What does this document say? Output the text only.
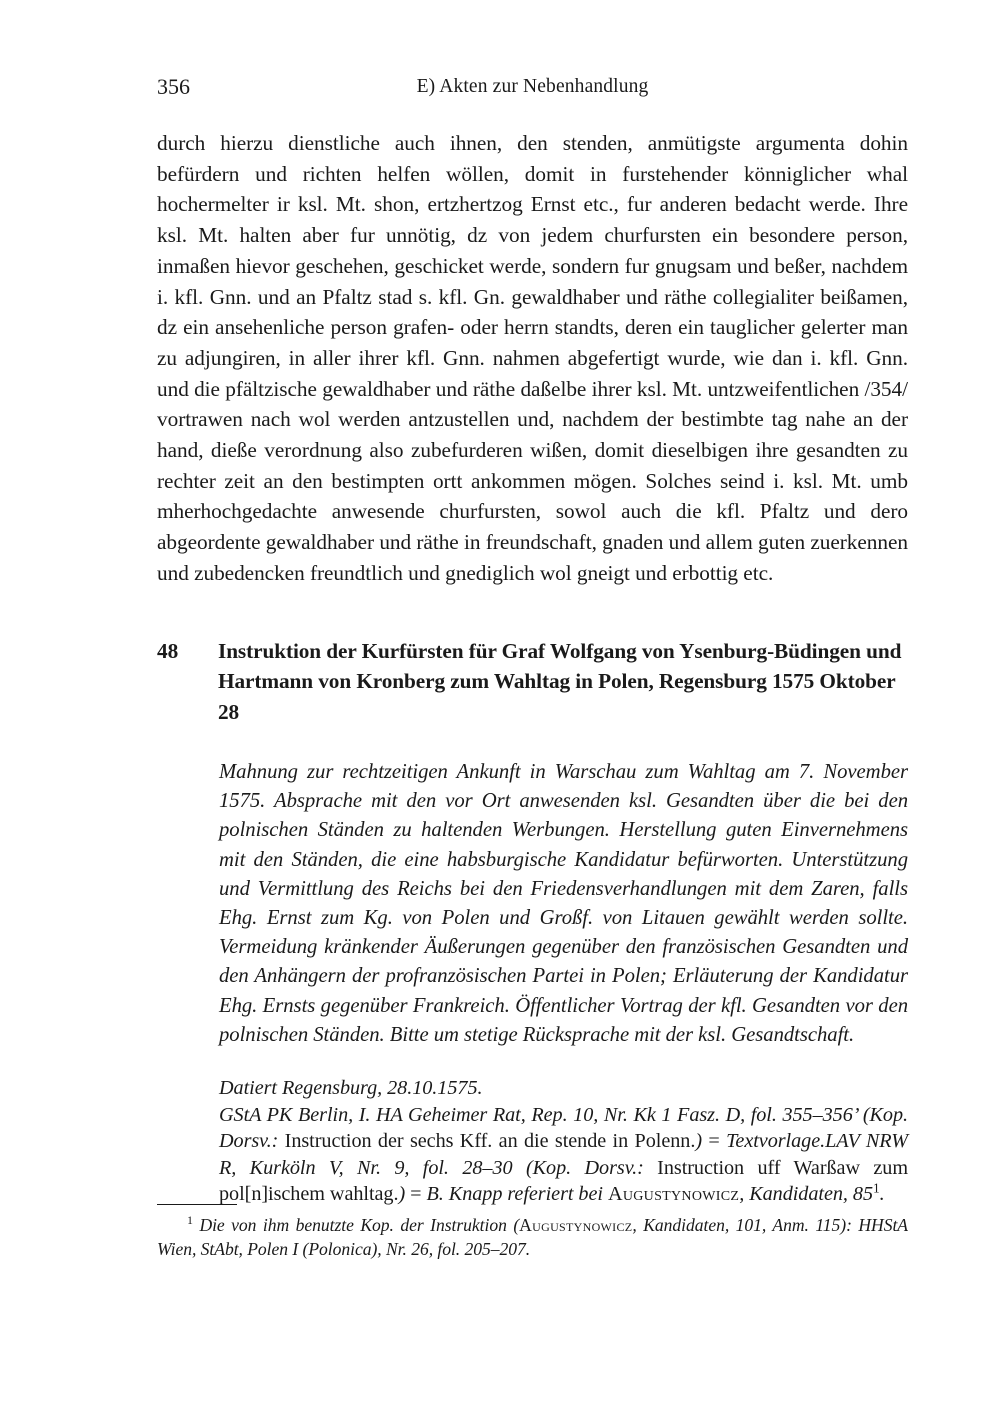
356	E) Akten zur Nebenhandlung

durch hierzu dienstliche auch ihnen, den stenden, anmütigste argumenta dohin befürdern und richten helfen wöllen, domit in furstehender könniglicher whal hochermelter ir ksl. Mt. shon, ertzhertzog Ernst etc., fur anderen bedacht werde. Ihre ksl. Mt. halten aber fur unnötig, dz von jedem churfursten ein besondere person, inmaßen hievor geschehen, geschicket werde, sondern fur gnugsam und beßer, nachdem i. kfl. Gnn. und an Pfaltz stad s. kfl. Gn. gewaldhaber und räthe collegialiter beißamen, dz ein ansehenliche person grafen- oder herrn standts, deren ein tauglicher gelerter man zu adjungiren, in aller ihrer kfl. Gnn. nahmen abgefertigt wurde, wie dan i. kfl. Gnn. und die pfältzische gewaldhaber und räthe daßelbe ihrer ksl. Mt. untzweifentlichen /354/ vortrawen nach wol werden antzustellen und, nachdem der bestimbte tag nahe an der hand, dieße verordnung also zubefurderen wißen, domit dieselbigen ihre gesandten zu rechter zeit an den bestimpten ortt ankommen mögen. Solches seind i. ksl. Mt. umb mherhochgedachte anwesende churfursten, sowol auch die kfl. Pfaltz und dero abgeordente gewaldhaber und räthe in freundschaft, gnaden und allem guten zuerkennen und zubedencken freundtlich und gnediglich wol gneigt und erbottig etc.

48	Instruktion der Kurfürsten für Graf Wolfgang von Ysenburg-Büdingen und Hartmann von Kronberg zum Wahltag in Polen, Regensburg 1575 Oktober 28
Mahnung zur rechtzeitigen Ankunft in Warschau zum Wahltag am 7. November 1575. Absprache mit den vor Ort anwesenden ksl. Gesandten über die bei den polnischen Ständen zu haltenden Werbungen. Herstellung guten Einvernehmens mit den Ständen, die eine habsburgische Kandidatur befürworten. Unterstützung und Vermittlung des Reichs bei den Friedensverhandlungen mit dem Zaren, falls Ehg. Ernst zum Kg. von Polen und Großf. von Litauen gewählt werden sollte. Vermeidung kränkender Äußerungen gegenüber den französischen Gesandten und den Anhängern der profranzösischen Partei in Polen; Erläuterung der Kandidatur Ehg. Ernsts gegenüber Frankreich. Öffentlicher Vortrag der kfl. Gesandten vor den polnischen Ständen. Bitte um stetige Rücksprache mit der ksl. Gesandtschaft.
Datiert Regensburg, 28.10.1575.
GStA PK Berlin, I. HA Geheimer Rat, Rep. 10, Nr. Kk 1 Fasz. D, fol. 355–356’ (Kop. Dorsv.: Instruction der sechs Kff. an die stende in Polenn.) = Textvorlage.LAV NRW R, Kurköln V, Nr. 9, fol. 28–30 (Kop. Dorsv.: Instruction uff Warßaw zum pol[n]ischem wahltag.) = B. Knapp referiert bei Augustynowicz, Kandidaten, $85^1$.
$^1$ Die von ihm benutzte Kop. der Instruktion (Augustynowicz, Kandidaten, 101, Anm. 115): HHStA Wien, StAbt, Polen I (Polonica), Nr. 26, fol. 205–207.
